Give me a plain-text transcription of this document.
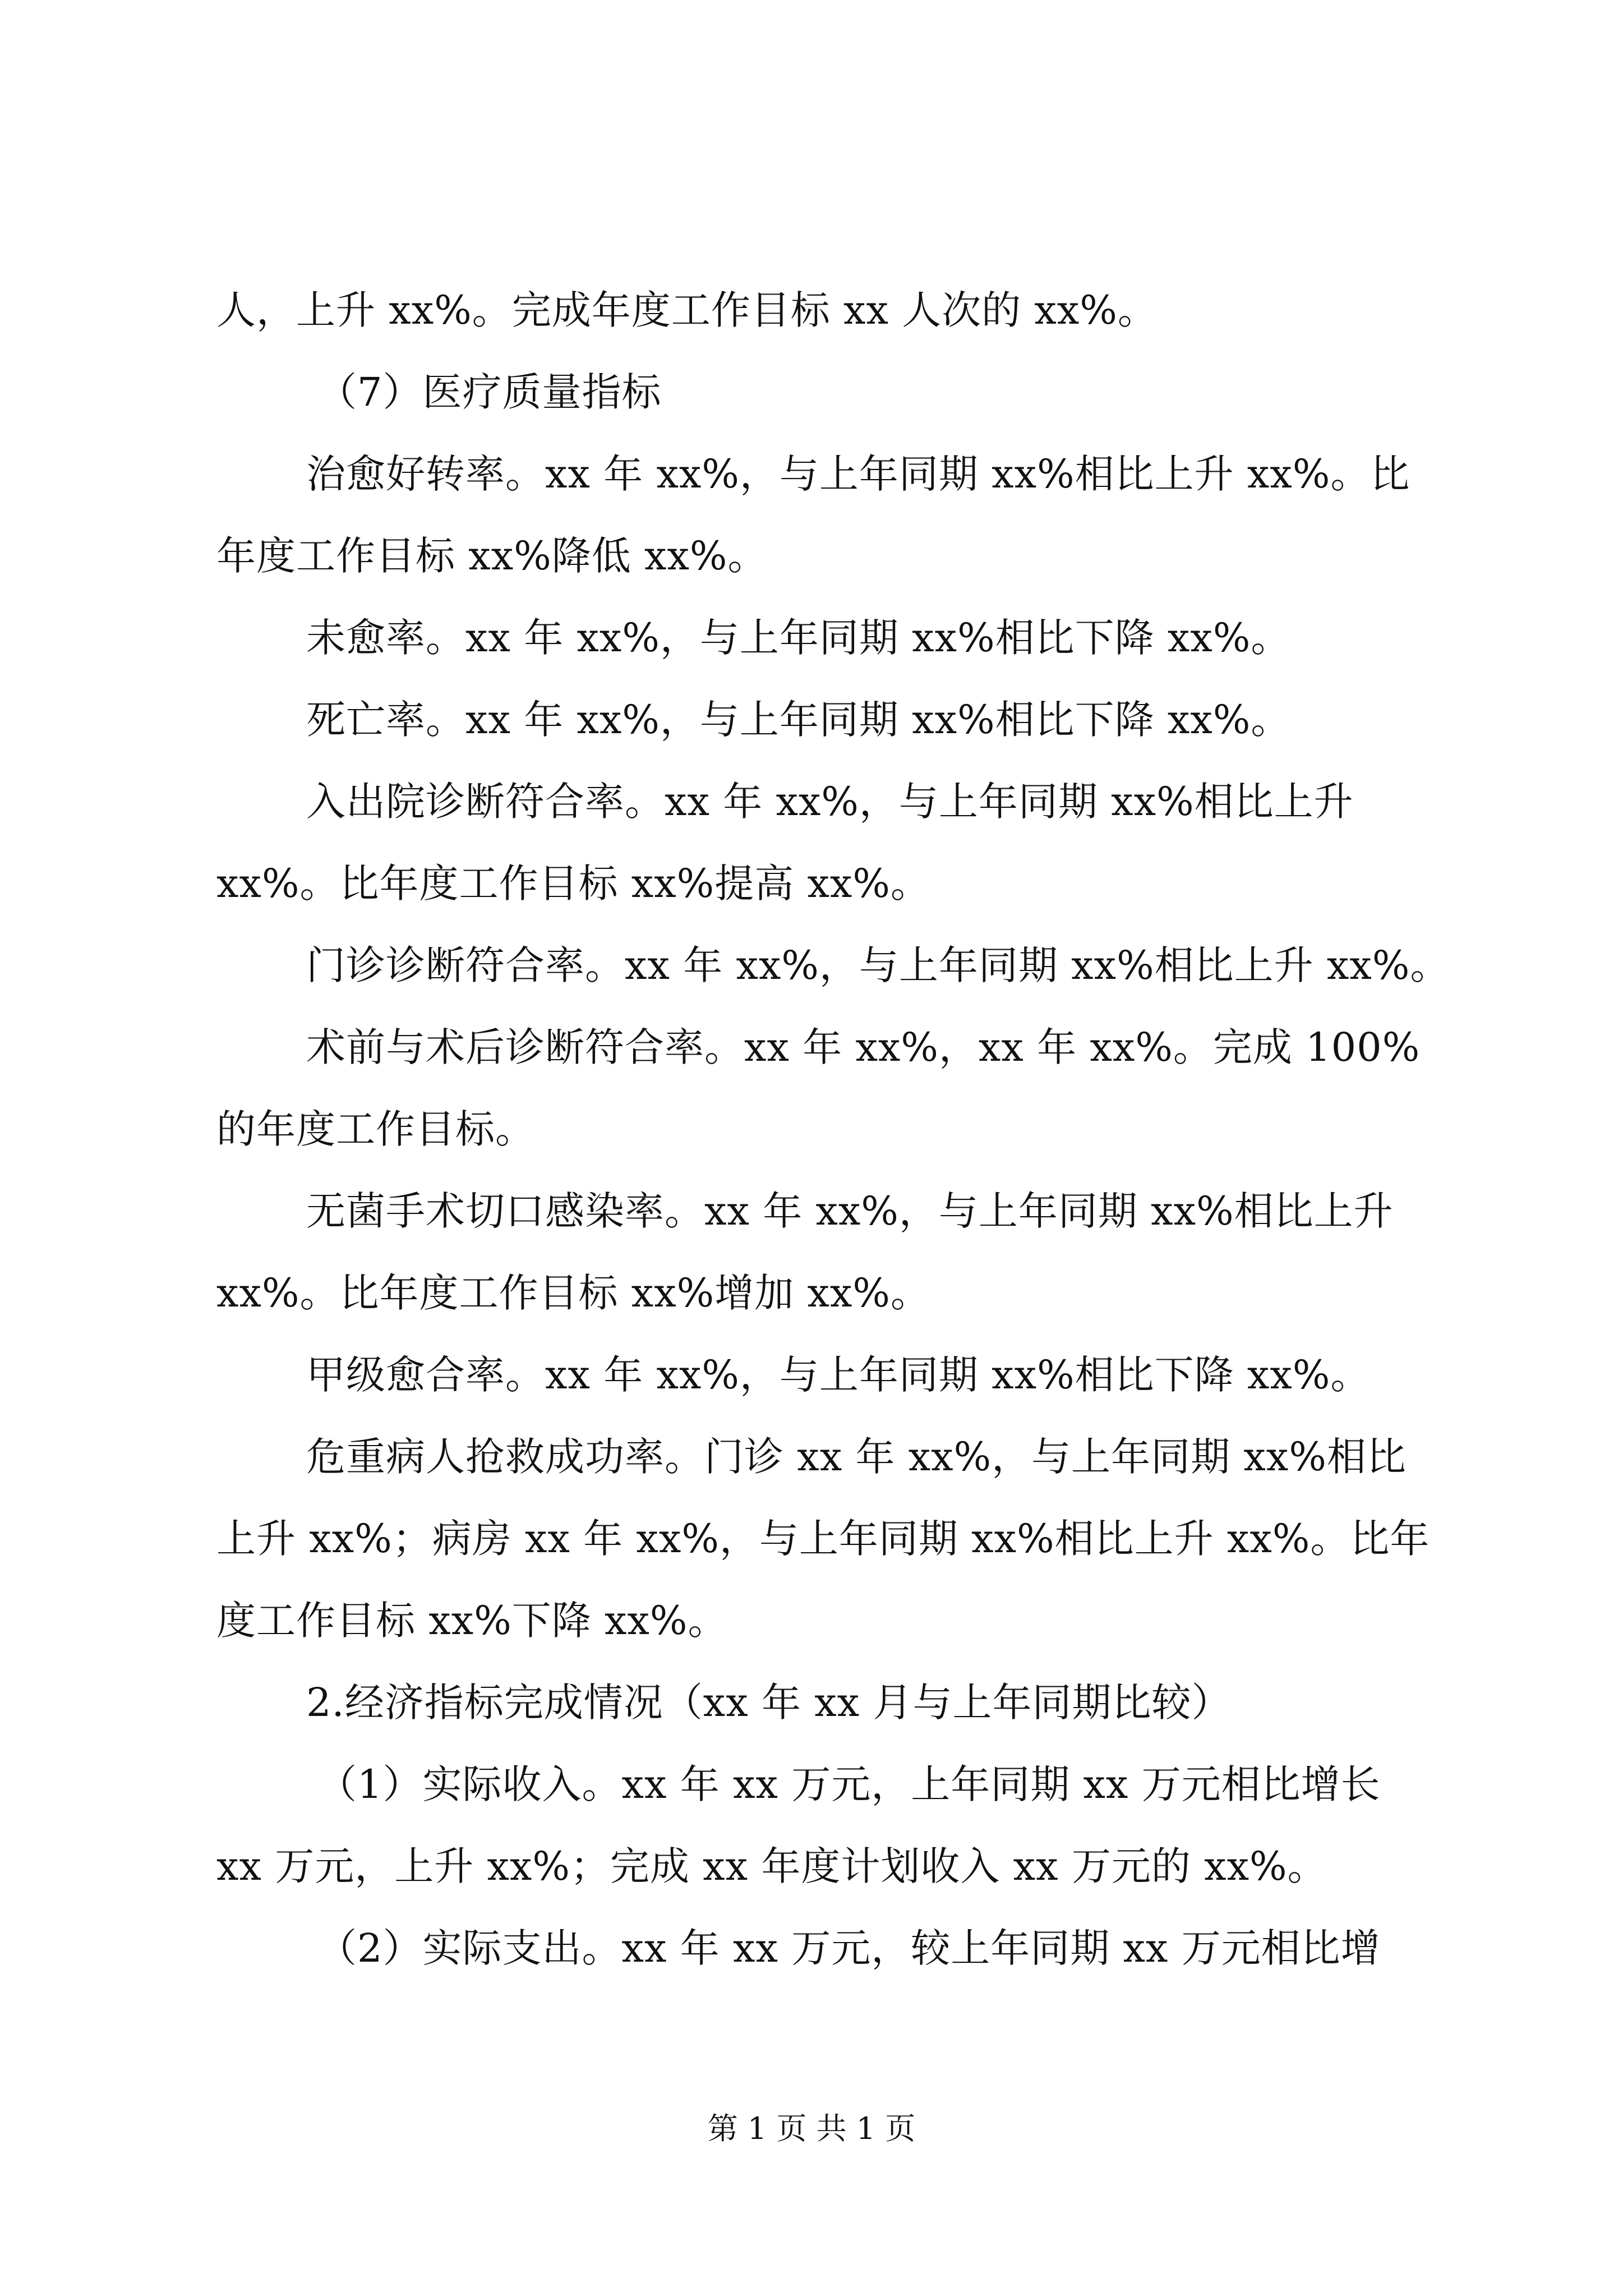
人，上升 xx%。完成年度工作目标 xx 人次的 xx%。
（7）医疗质量指标
治愈好转率。xx 年 xx%，与上年同期 xx%相比上升 xx%。比
年度工作目标 xx%降低 xx%。
未愈率。xx 年 xx%，与上年同期 xx%相比下降 xx%。
死亡率。xx 年 xx%，与上年同期 xx%相比下降 xx%。
入出院诊断符合率。xx 年 xx%，与上年同期 xx%相比上升
xx%。比年度工作目标 xx%提高 xx%。
门诊诊断符合率。xx 年 xx%，与上年同期 xx%相比上升 xx%。
术前与术后诊断符合率。xx 年 xx%，xx 年 xx%。完成 100%
的年度工作目标。
无菌手术切口感染率。xx 年 xx%，与上年同期 xx%相比上升
xx%。比年度工作目标 xx%增加 xx%。
甲级愈合率。xx 年 xx%，与上年同期 xx%相比下降 xx%。
危重病人抢救成功率。门诊 xx 年 xx%，与上年同期 xx%相比
上升 xx%；病房 xx 年 xx%，与上年同期 xx%相比上升 xx%。比年
度工作目标 xx%下降 xx%。
2.经济指标完成情况（xx 年 xx 月与上年同期比较）
（1）实际收入。xx 年 xx 万元，上年同期 xx 万元相比增长
xx 万元，上升 xx%；完成 xx 年度计划收入 xx 万元的 xx%。
（2）实际支出。xx 年 xx 万元，较上年同期 xx 万元相比增
第 1 页 共 1 页
